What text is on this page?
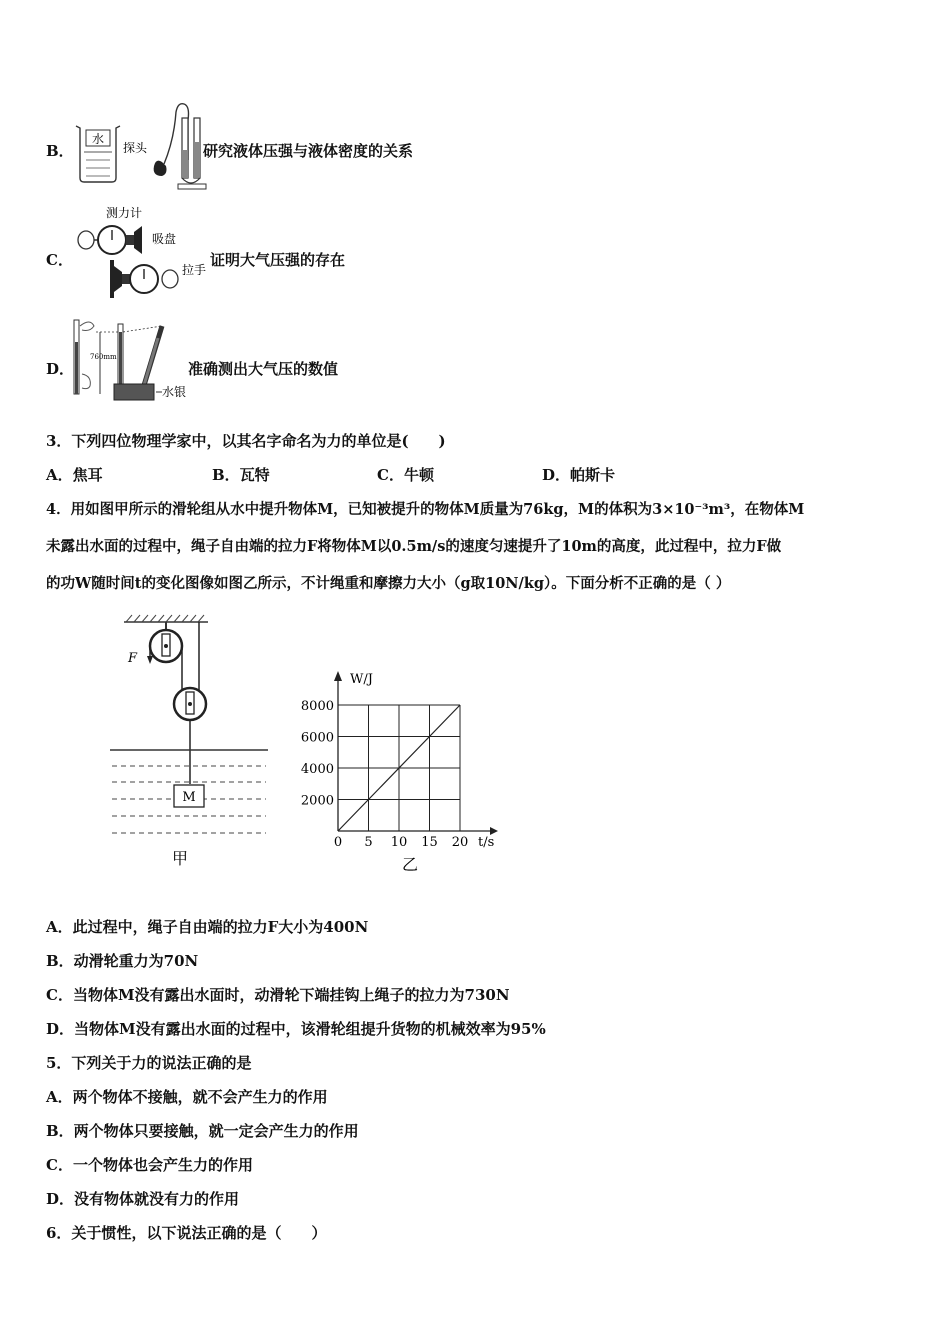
B．
水
探头	研究液体压强与液体密度的关系
C．
测力计
吸盘
拉手
证明大气压强的存在
D．
760mm
水银
准确测出大气压的数值
3．下列四位物理学家中，以其名字命名为力的单位是(　　)
A．焦耳	B．瓦特	C．牛顿	D．帕斯卡
4．用如图甲所示的滑轮组从水中提升物体M，已知被提升的物体M质量为76kg，M的体积为3×10⁻³m³，在物体M
未露出水面的过程中，绳子自由端的拉力F将物体M以0.5m/s的速度匀速提升了10m的高度，此过程中，拉力F做
的功W随时间t的变化图像如图乙所示，不计绳重和摩擦力大小（g取10N/kg）。下面分析不正确的是（ ）
F
M
甲
W/J
t/s
0 5 10 15 20
2000
4000
6000
8000
乙
A．此过程中，绳子自由端的拉力F大小为400N
B．动滑轮重力为70N
C．当物体M没有露出水面时，动滑轮下端挂钩上绳子的拉力为730N
D．当物体M没有露出水面的过程中，该滑轮组提升货物的机械效率为95%
5．下列关于力的说法正确的是
A．两个物体不接触，就不会产生力的作用
B．两个物体只要接触，就一定会产生力的作用
C．一个物体也会产生力的作用
D．没有物体就没有力的作用
6．关于惯性，以下说法正确的是（　　）
